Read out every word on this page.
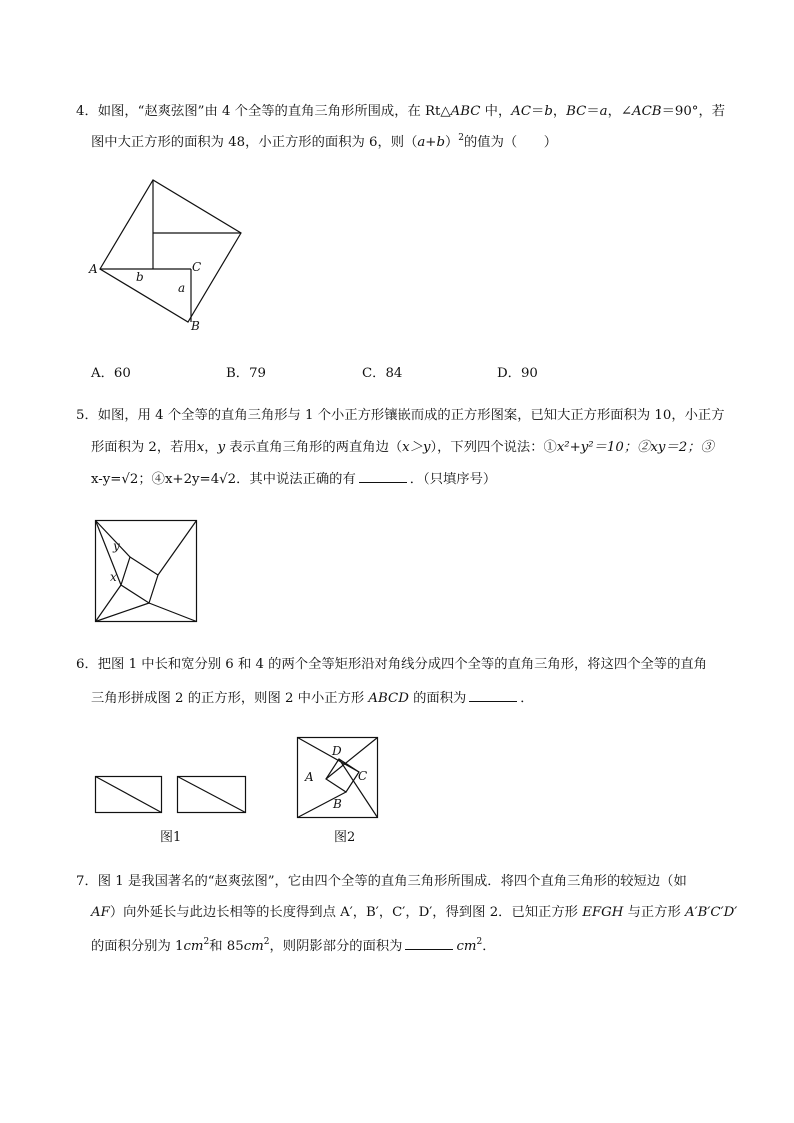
4．如图，“赵爽弦图”由 4 个全等的直角三角形所围成，在 Rt△ABC 中，AC＝b，BC＝a，∠ACB＝90°，若
图中大正方形的面积为 48，小正方形的面积为 6，则$(a+b)^2$的值为（　　）
A
B
C
a
b
A．60	B．79	C．84	D．90
5．如图，用 4 个全等的直角三角形与 1 个小正方形镶嵌而成的正方形图案，已知大正方形面积为 10，小正方
形面积为 2，若用x，y 表示直角三角形的两直角边（x＞y），下列四个说法：①x²+y²＝10；②xy＝2；③
x-y=√2；④x+2y=4√2．其中说法正确的有	．（只填序号）
y
x
6．把图 1 中长和宽分别 6 和 4 的两个全等矩形沿对角线分成四个全等的直角三角形，将这四个全等的直角
三角形拼成图 2 的正方形，则图 2 中小正方形 ABCD 的面积为	．
图1
D
A	C
B
图2
7．图 1 是我国著名的“赵爽弦图”，它由四个全等的直角三角形所围成．将四个直角三角形的较短边（如
AF）向外延长与此边长相等的长度得到点 A′，B′，C′，D′，得到图 2．已知正方形 EFGH 与正方形 A′B′C′D′
的面积分别为 $1cm^2$和 $85cm^2$，则阴影部分的面积为	$cm^2$．
